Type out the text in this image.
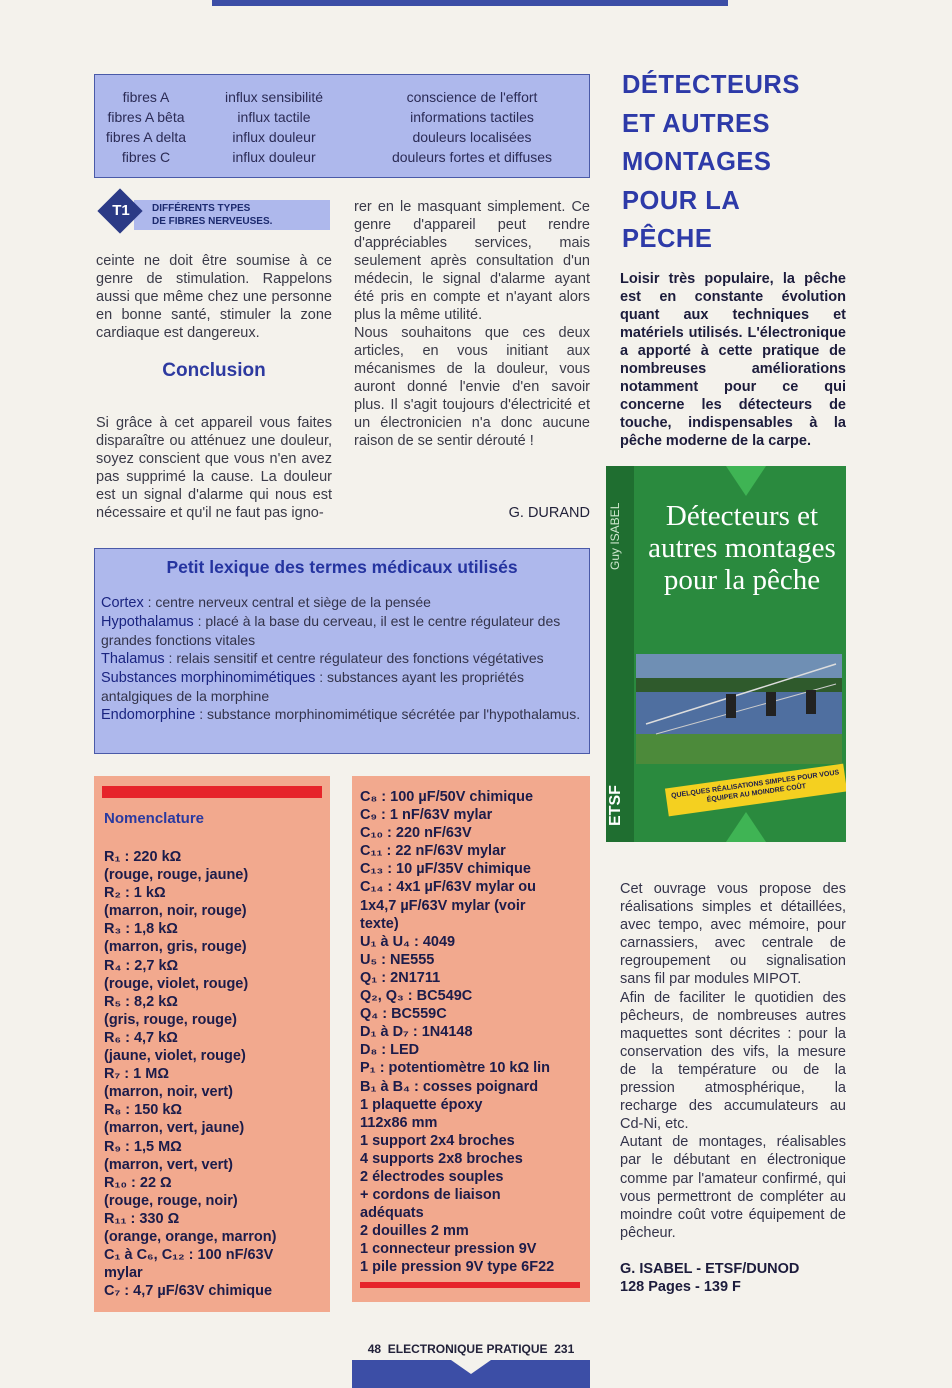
fibres A
fibres A bêta
fibres A delta
fibres C
influx sensibilité
influx tactile
influx douleur
influx douleur
conscience de l'effort
informations tactiles
douleurs localisées
douleurs fortes et diffuses
DIFFÉRENTS TYPES
DE FIBRES NERVEUSES.
T1
ceinte ne doit être soumise à ce genre de stimulation. Rappelons aussi que même chez une personne en bonne santé, stimuler la zone cardiaque est dangereux.
Conclusion
Si grâce à cet appareil vous faites disparaître ou atténuez une douleur, soyez conscient que vous n'en avez pas supprimé la cause. La douleur est un signal d'alarme qui nous est nécessaire et qu'il ne faut pas igno-
rer en le masquant simplement. Ce genre d'appareil peut rendre d'appréciables services, mais seulement après consultation d'un médecin, le signal d'alarme ayant été pris en compte et n'ayant alors plus la même utilité.
Nous souhaitons que ces deux articles, en vous initiant aux mécanismes de la douleur, vous auront donné l'envie d'en savoir plus. Il s'agit toujours d'électricité et un électronicien n'a donc aucune raison de se sentir dérouté !
G. DURAND
Petit lexique des termes médicaux utilisés
Cortex : centre nerveux central et siège de la pensée
Hypothalamus : placé à la base du cerveau, il est le centre régulateur des grandes fonctions vitales
Thalamus : relais sensitif et centre régulateur des fonctions végétatives
Substances morphinomimétiques : substances ayant les propriétés antalgiques de la morphine
Endomorphine : substance morphinomimétique sécrétée par l'hypothalamus.
Nomenclature
R₁ : 220 kΩ
(rouge, rouge, jaune)
R₂ : 1 kΩ
(marron, noir, rouge)
R₃ : 1,8 kΩ
(marron, gris, rouge)
R₄ : 2,7 kΩ
(rouge, violet, rouge)
R₅ : 8,2 kΩ
(gris, rouge, rouge)
R₆ : 4,7 kΩ
(jaune, violet, rouge)
R₇ : 1 MΩ
(marron, noir, vert)
R₈ : 150 kΩ
(marron, vert, jaune)
R₉ : 1,5 MΩ
(marron, vert, vert)
R₁₀ : 22 Ω
(rouge, rouge, noir)
R₁₁ : 330 Ω
(orange, orange, marron)
C₁ à C₆, C₁₂ : 100 nF/63V
mylar
C₇ : 4,7 µF/63V chimique
C₈ : 100 µF/50V chimique
C₉ : 1 nF/63V mylar
C₁₀ : 220 nF/63V
C₁₁ : 22 nF/63V mylar
C₁₃ : 10 µF/35V chimique
C₁₄ : 4x1 µF/63V mylar ou
1x4,7 µF/63V mylar (voir
texte)
U₁ à U₄ : 4049
U₅ : NE555
Q₁ : 2N1711
Q₂, Q₃ : BC549C
Q₄ : BC559C
D₁ à D₇ : 1N4148
D₈ : LED
P₁ : potentiomètre 10 kΩ lin
B₁ à B₄ : cosses poignard
1 plaquette époxy
112x86 mm
1 support 2x4 broches
4 supports 2x8 broches
2 électrodes souples
+ cordons de liaison
adéquats
2 douilles 2 mm
1 connecteur pression 9V
1 pile pression 9V type 6F22
DÉTECTEURS
ET AUTRES
MONTAGES
POUR LA
PÊCHE
Loisir très populaire, la pêche est en constante évolution quant aux techniques et matériels utilisés. L'électronique a apporté à cette pratique de nombreuses améliorations notamment pour ce qui concerne les détecteurs de touche, indispensables à la pêche moderne de la carpe.
Guy ISABEL
ETSF
Détecteurs et autres montages pour la pêche
QUELQUES RÉALISATIONS SIMPLES POUR VOUS ÉQUIPER AU MOINDRE COÛT
Cet ouvrage vous propose des réalisations simples et détaillées, avec tempo, avec mémoire, pour carnassiers, avec centrale de regroupement ou signalisation sans fil par modules MIPOT.
Afin de faciliter le quotidien des pêcheurs, de nombreuses autres maquettes sont décrites : pour la conservation des vifs, la mesure de la température ou de la pression atmosphérique, la recharge des accumulateurs au Cd-Ni, etc.
Autant de montages, réalisables par le débutant en électronique comme par l'amateur confirmé, qui vous permettront de compléter au moindre coût votre équipement de pêcheur.
G. ISABEL - ETSF/DUNOD
128 Pages - 139 F
48 ELECTRONIQUE PRATIQUE 231
